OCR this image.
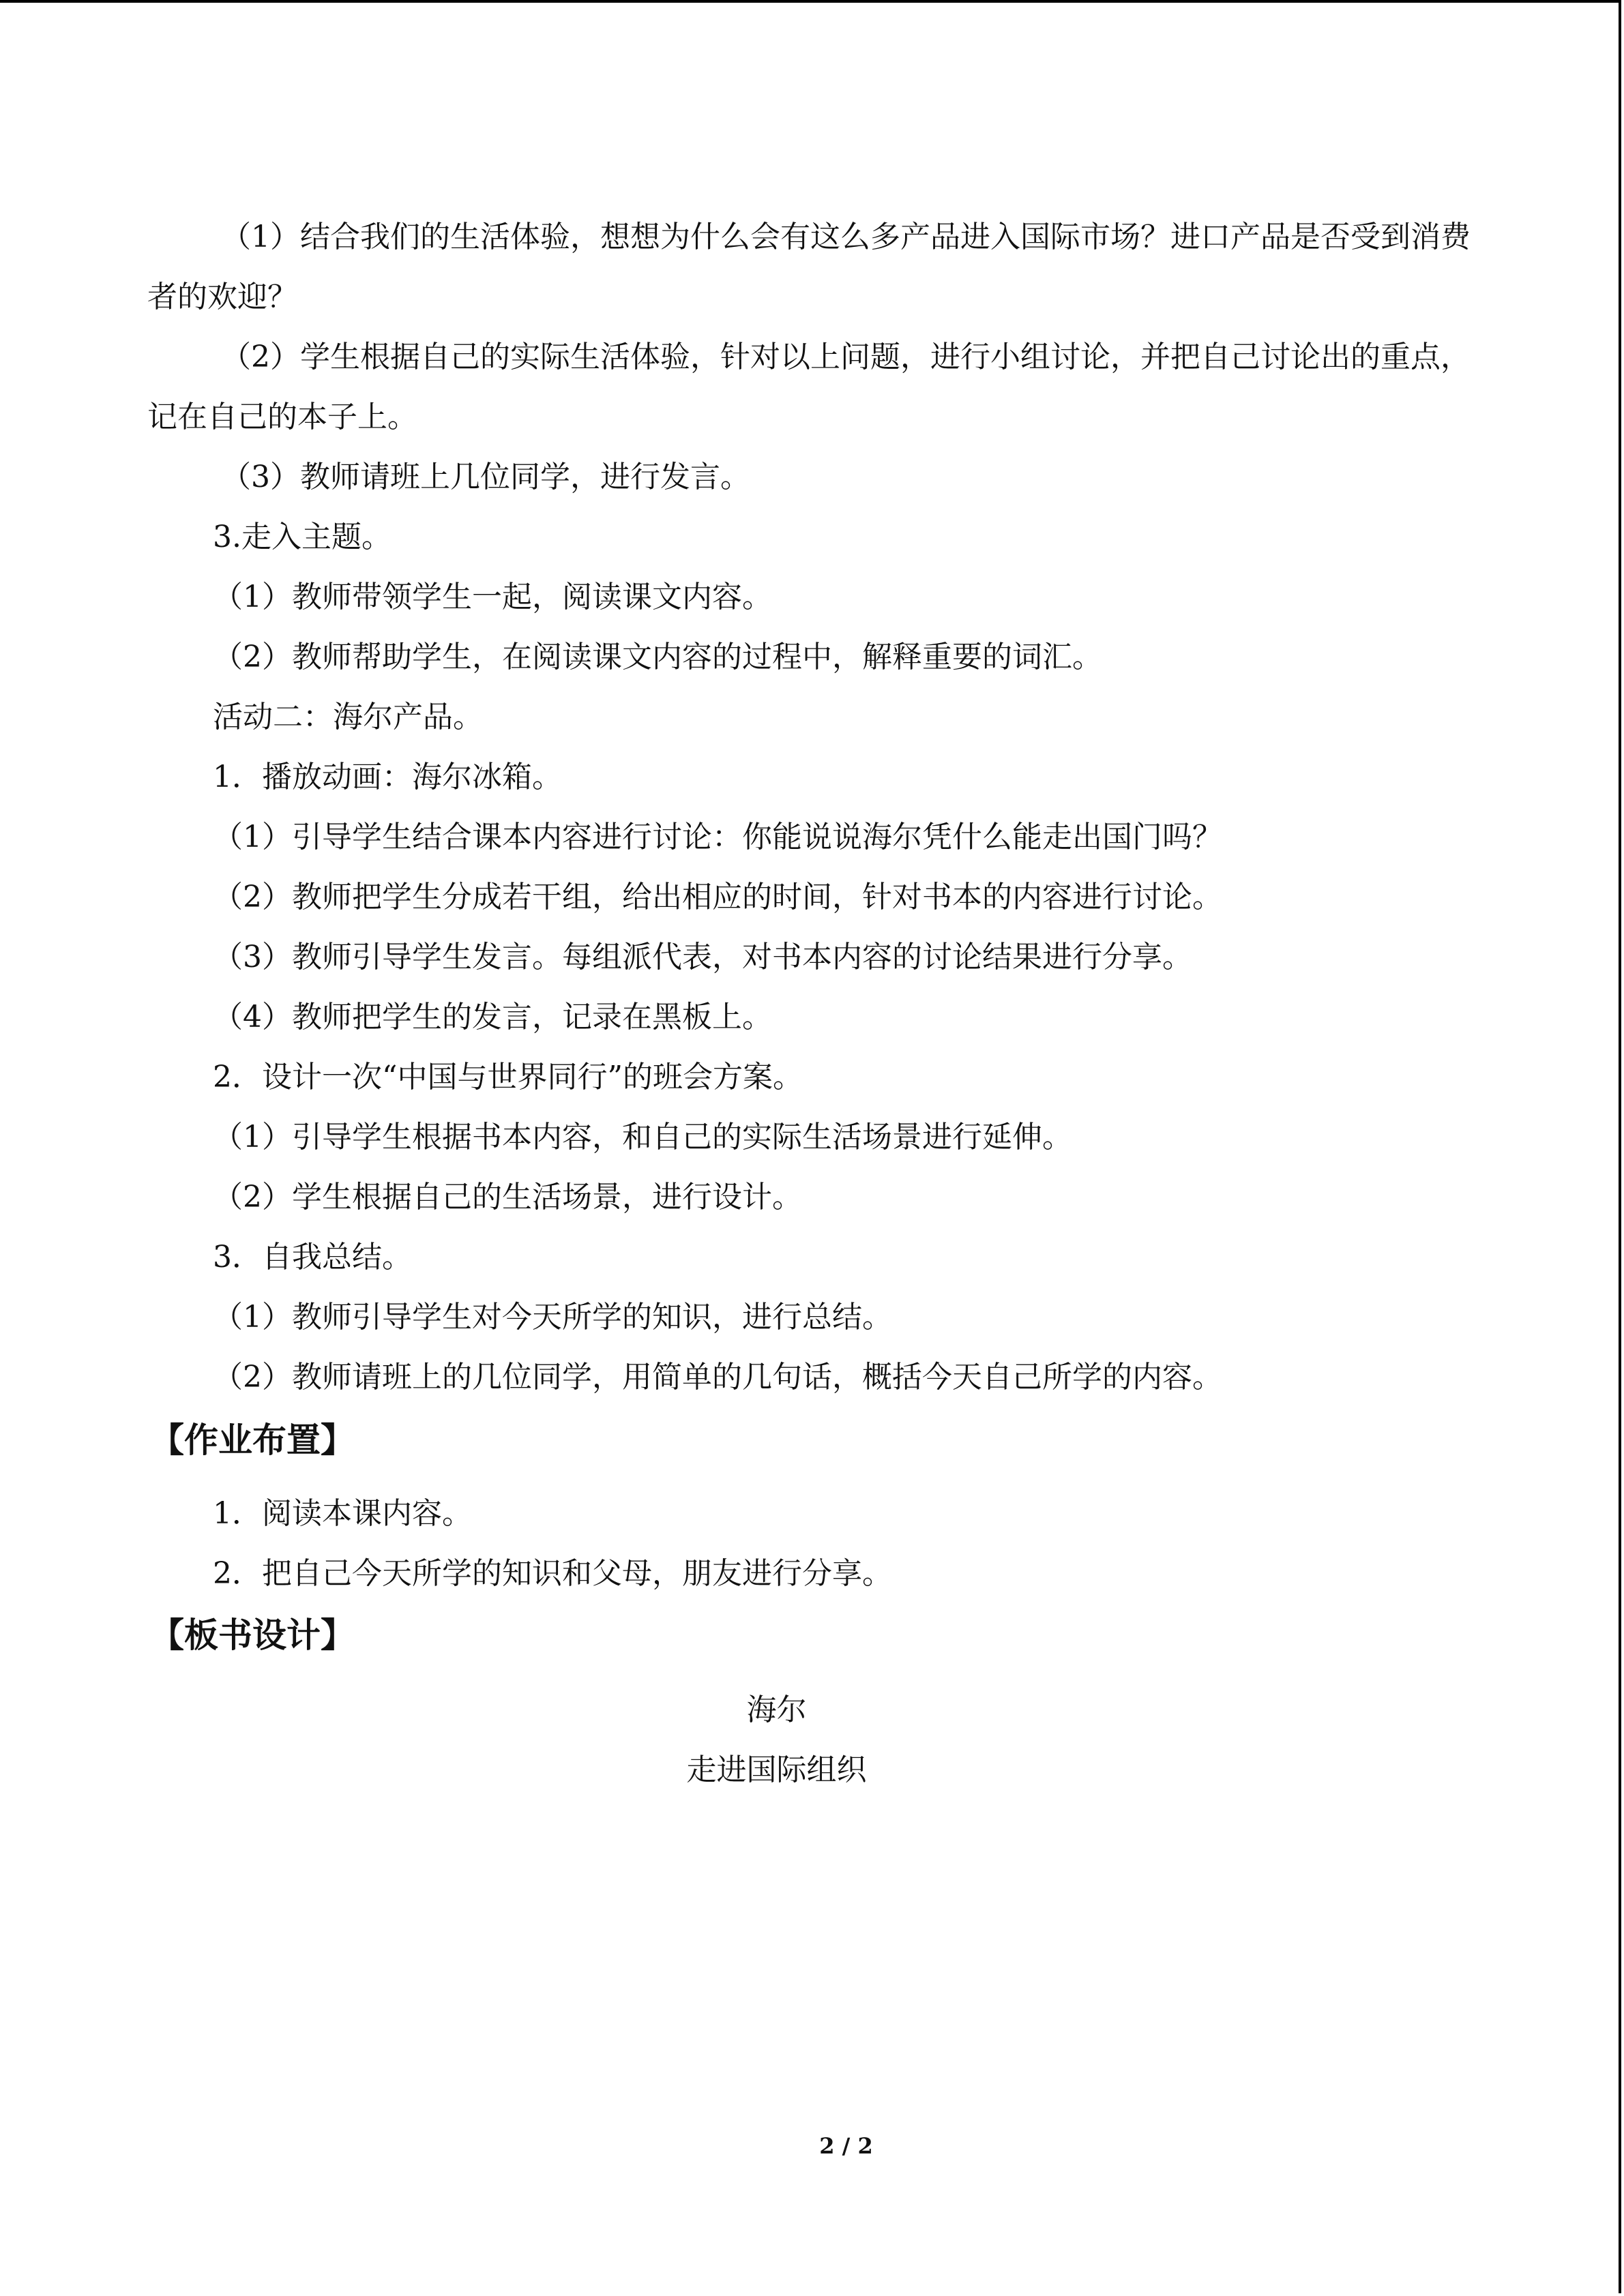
（1）结合我们的生活体验，想想为什么会有这么多产品进入国际市场？进口产品是否受到消费者的欢迎？

（2）学生根据自己的实际生活体验，针对以上问题，进行小组讨论，并把自己讨论出的重点，记在自己的本子上。

（3）教师请班上几位同学，进行发言。

3.走入主题。

（1）教师带领学生一起，阅读课文内容。

（2）教师帮助学生，在阅读课文内容的过程中，解释重要的词汇。

活动二：海尔产品。

1．播放动画：海尔冰箱。

（1）引导学生结合课本内容进行讨论：你能说说海尔凭什么能走出国门吗？

（2）教师把学生分成若干组，给出相应的时间，针对书本的内容进行讨论。

（3）教师引导学生发言。每组派代表，对书本内容的讨论结果进行分享。

（4）教师把学生的发言，记录在黑板上。

2．设计一次“中国与世界同行”的班会方案。

（1）引导学生根据书本内容，和自己的实际生活场景进行延伸。

（2）学生根据自己的生活场景，进行设计。

3．自我总结。

（1）教师引导学生对今天所学的知识，进行总结。

（2）教师请班上的几位同学，用简单的几句话，概括今天自己所学的内容。

【作业布置】

1．阅读本课内容。

2．把自己今天所学的知识和父母，朋友进行分享。

【板书设计】

海尔

走进国际组织

2 / 2
